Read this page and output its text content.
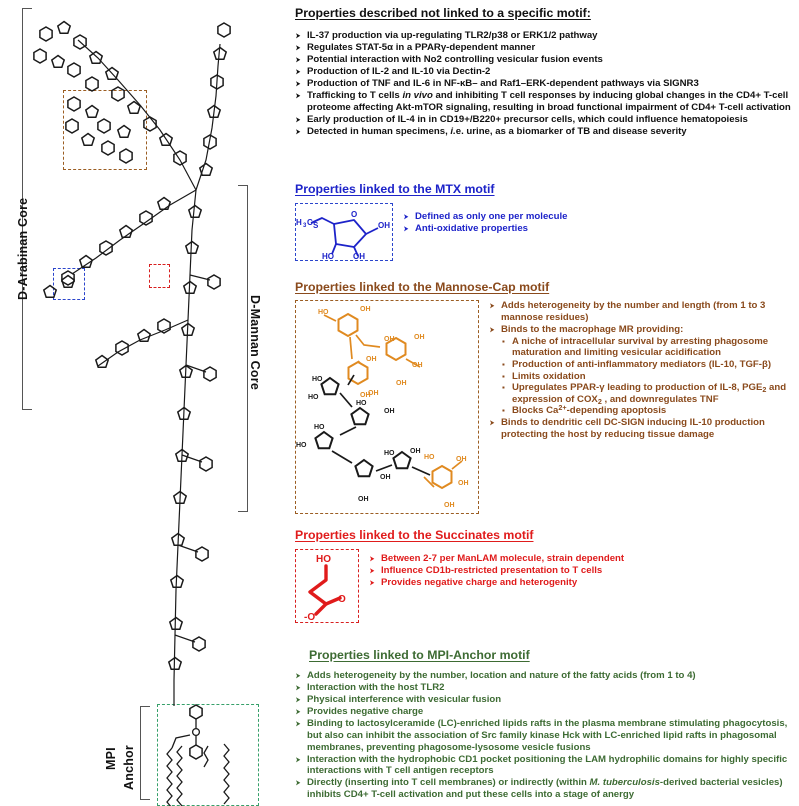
D-Arabinan Core
D-Mannan Core
MPI Anchor
Properties described not linked to a specific motif:
➤ IL-37 production via up-regulating TLR2/p38 or ERK1/2 pathway
➤ Regulates STAT-5α in a PPARγ-dependent manner
➤ Potential interaction with No2 controlling vesicular fusion events
➤ Production of IL-2 and IL-10 via Dectin-2
➤ Production of TNF and IL-6 in NF-κB– and Raf1–ERK-dependent pathways via SIGNR3
➤ Trafficking to T cells in vivo and inhibiting T cell responses by inducing global changes in the CD4+ T-cell proteome affecting Akt-mTOR signaling, resulting in broad functional impairment of CD4+ T-cell activation
➤ Early production of IL-4 in in CD19+/B220+ precursor cells, which could influence hematopoiesis
➤ Detected in human specimens, i.e. urine, as a biomarker of TB and disease severity
Properties linked to the MTX motif
H 3 C S
O
OH
HO OH
➤ Defined as only one per molecule
➤ Anti-oxidative properties
Properties linked to the Mannose-Cap motif
HO	OH
OH	OH
OH
OH
OH
OH
OH
HO	OH
OH
OH
HO
HO
HO
OH
HO
HO
HO OH
OH
OH
➤ Adds heterogeneity by the number and length (from 1 to 3 mannose residues)
➤ Binds to the macrophage MR providing:
▪ A niche of intracellular survival by arresting phagosome maturation and limiting vesicular acidification
▪ Production of anti-inflammatory mediators (IL-10, TGF-β)
▪ Limits oxidation
▪ Upregulates PPAR-γ leading to production of IL-8, $PGE_2$ and expression of $COX_2$ , and downregulates TNF
▪ Blocks $Ca^{2+}$-depending apoptosis
➤ Binds to dendritic cell DC-SIGN inducing IL-10 production protecting the host by reducing tissue damage
Properties linked to the Succinates motif
HO
O
-O
➤ Between 2-7 per ManLAM molecule, strain dependent
➤ Influence CD1b-restricted presentation to T cells
➤ Provides negative charge and heterogenity
Properties linked to MPI-Anchor motif
➤ Adds heterogeneity by the number, location and nature of the fatty acids (from 1 to 4)
➤ Interaction with the host TLR2
➤ Physical interference with vesicular fusion
➤ Provides negative charge
➤ Binding to lactosylceramide (LC)-enriched lipids rafts in the plasma membrane stimulating phagocytosis, but also can inhibit the association of Src family kinase Hck with LC-enriched lipid rafts in phagosomal membranes, preventing phagosome-lysosome vesicle fusions
➤ Interaction with the hydrophobic CD1 pocket positioning the LAM hydrophilic domains for highly specific interactions with T cell antigen receptors
➤ Directly (inserting into T cell membranes) or indirectly (within M. tuberculosis-derived bacterial vesicles) inhibits CD4+ T-cell activation and put these cells into a stage of anergy
